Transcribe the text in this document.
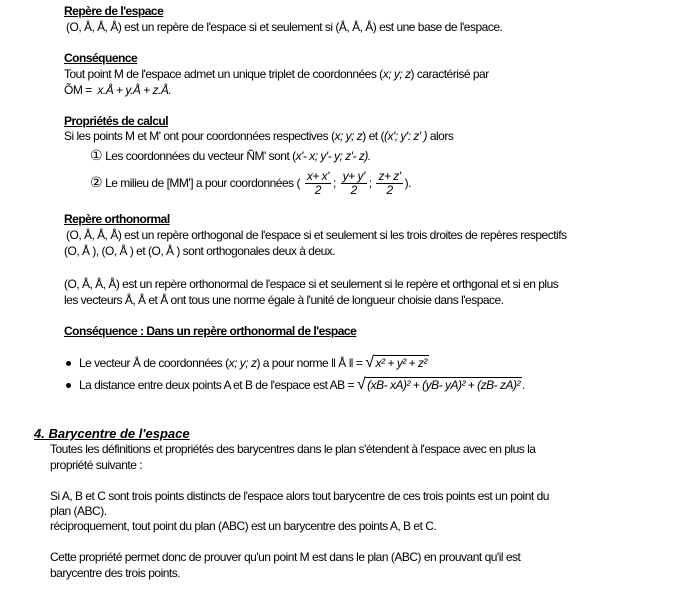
Repère de l'espace
(O, Å, Å, Å) est un repère de l'espace si et seulement si (Å, Å, Å) est une base de l'espace.
Conséquence
Tout point M de l'espace admet un unique triplet de coordonnées (x; y; z) caractérisé par
ÕM =  x.Å + y.Å + z.Å.
Propriétés de calcul
Si les points M et M' ont pour coordonnées respectives (x; y; z) et ((x'; y': z' ) alors
① Les coordonnées du vecteur ÑM' sont (x'- x; y'- y; z'- z).
② Le milieu de [MM'] a pour coordonnées ( $\frac{x+ x'}{2}$ ; $\frac{y+ y'}{2}$ ; $\frac{z+ z'}{2}$ ).
Repère orthonormal
(O, Å, Å, Å) est un repère orthogonal de l'espace si et seulement si les trois droites de repères respectifs
(O, Å ), (O, Å ) et (O, Å ) sont orthogonales deux à deux.
(O, Å, Å, Å) est un repère orthonormal de l'espace si et seulement si le repère et orthgonal et si en plus
les vecteurs Å, Å et Å ont tous une norme égale à l'unité de longueur choisie dans l'espace.
Conséquence : Dans un repère orthonormal de l'espace
Le vecteur Å de coordonnées (x; y; z) a pour norme ‖ Å ‖ = √ x² + y² + z²
La distance entre deux points A et B de l'espace est AB = √ (xB- xA)² + (yB- yA)² + (zB- zA)² .
4. Barycentre de l'espace
Toutes les définitions et propriétés des barycentres dans le plan s'étendent à l'espace avec en plus la
propriété suivante :
Si A, B et C sont trois points distincts de l'espace alors tout barycentre de ces trois points est un point du
plan (ABC).
réciproquement, tout point du plan (ABC) est un barycentre des points A, B et C.
Cette propriété permet donc de prouver qu'un point M est dans le plan (ABC) en prouvant qu'il est
barycentre des trois points.
